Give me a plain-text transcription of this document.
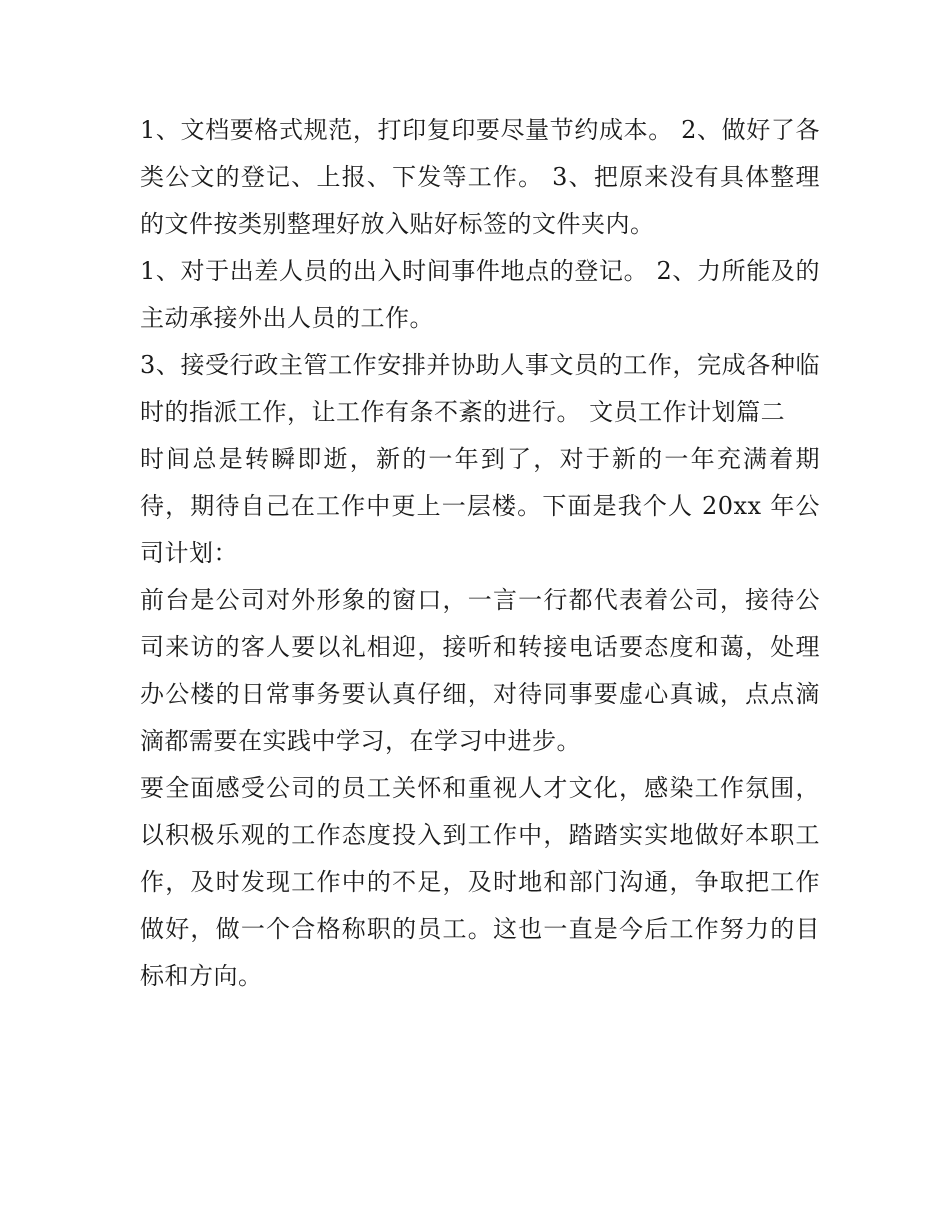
1、文档要格式规范，打印复印要尽量节约成本。 2、做好了各类公文的登记、上报、下发等工作。 3、把原来没有具体整理的文件按类别整理好放入贴好标签的文件夹内。

1、对于出差人员的出入时间事件地点的登记。 2、力所能及的主动承接外出人员的工作。

3、接受行政主管工作安排并协助人事文员的工作，完成各种临时的指派工作，让工作有条不紊的进行。 文员工作计划篇二

时间总是转瞬即逝，新的一年到了，对于新的一年充满着期待，期待自己在工作中更上一层楼。下面是我个人 20xx 年公司计划：

前台是公司对外形象的窗口，一言一行都代表着公司，接待公司来访的客人要以礼相迎，接听和转接电话要态度和蔼，处理办公楼的日常事务要认真仔细，对待同事要虚心真诚，点点滴滴都需要在实践中学习，在学习中进步。

要全面感受公司的员工关怀和重视人才文化，感染工作氛围，以积极乐观的工作态度投入到工作中，踏踏实实地做好本职工作，及时发现工作中的不足，及时地和部门沟通，争取把工作做好，做一个合格称职的员工。这也一直是今后工作努力的目标和方向。
